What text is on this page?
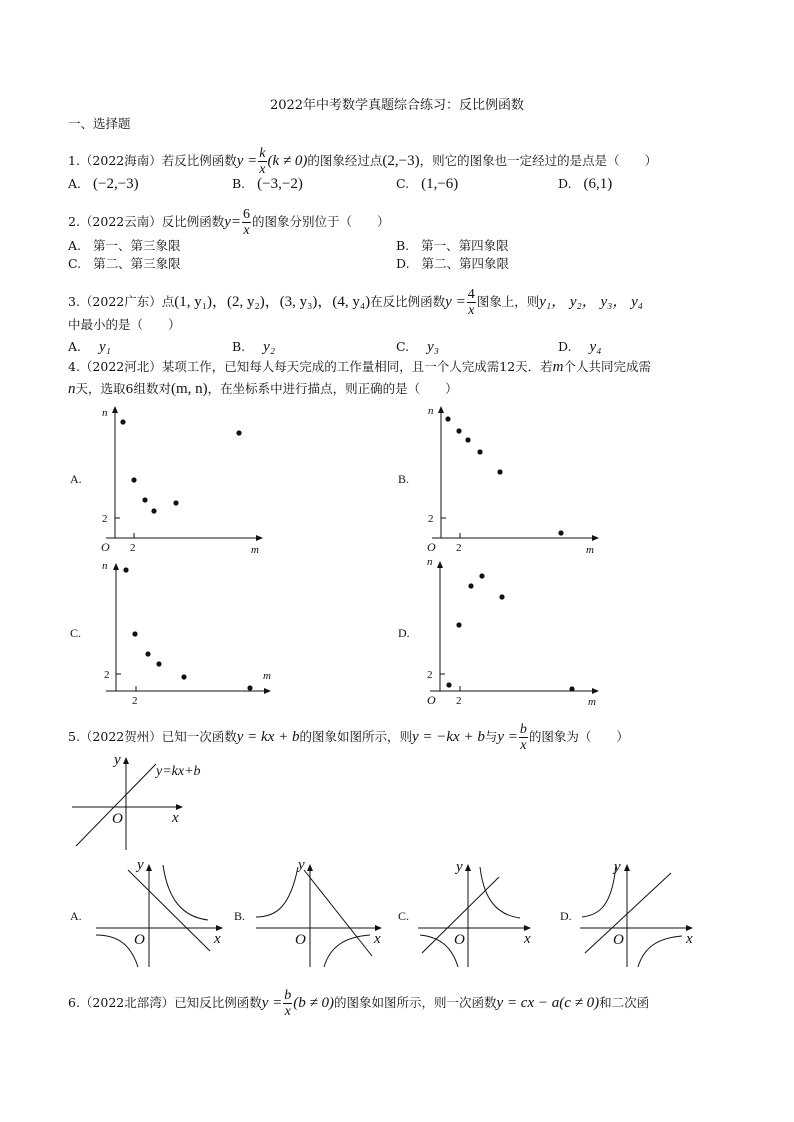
2022年中考数学真题综合练习：反比例函数
一、选择题
1.（2022海南）若反比例函数$y = \frac{k}{x} (k \ne 0)$的图象经过点(2,−3)，则它的图象也一定经过的是点是（　　）
A. (−2,−3)	B. (−3,−2)	C. (1,−6)	D. (6,1)
2.（2022云南）反比例函数$y= \frac{6}{x}$ 的图象分别位于（　　）
A. 第一、第三象限	B. 第一、第四象限
C. 第二、第三象限	D. 第二、第四象限
3.（2022广东）点(1, y₁)，(2, y₂)，(3, y₃)，(4, y₄)在反比例函数$y = \frac{4}{x}$ 图象上，则y₁， y₂， y₃， y₄
中最小的是（　　）
A. y₁	B. y₂	C. y₃	D. y₄
4.（2022河北）某项工作，已知每人每天完成的工作量相同，且一个人完成需12天．若m个人共同完成需
n天，选取6组数对(m, n)，在坐标系中进行描点，则正确的是（　　）
A.
n
m
O
2
2
B.
n
m
O
2
2
C.
n
m
2
2
D.
n
m
O
2
2
5.（2022贺州）已知一次函数y = kx + b的图象如图所示，则y = −kx + b与$y = \frac{b}{x}$ 的图象为（　　）
y
x
O
y=kx+b
A.
y
x
O
B.
y
x
O
C.
y
x
O
D.
y
x
O
6.（2022北部湾）已知反比例函数$y = \frac{b}{x} (b \ne 0)$的图象如图所示，则一次函数y = cx − a(c ≠ 0)和二次函
